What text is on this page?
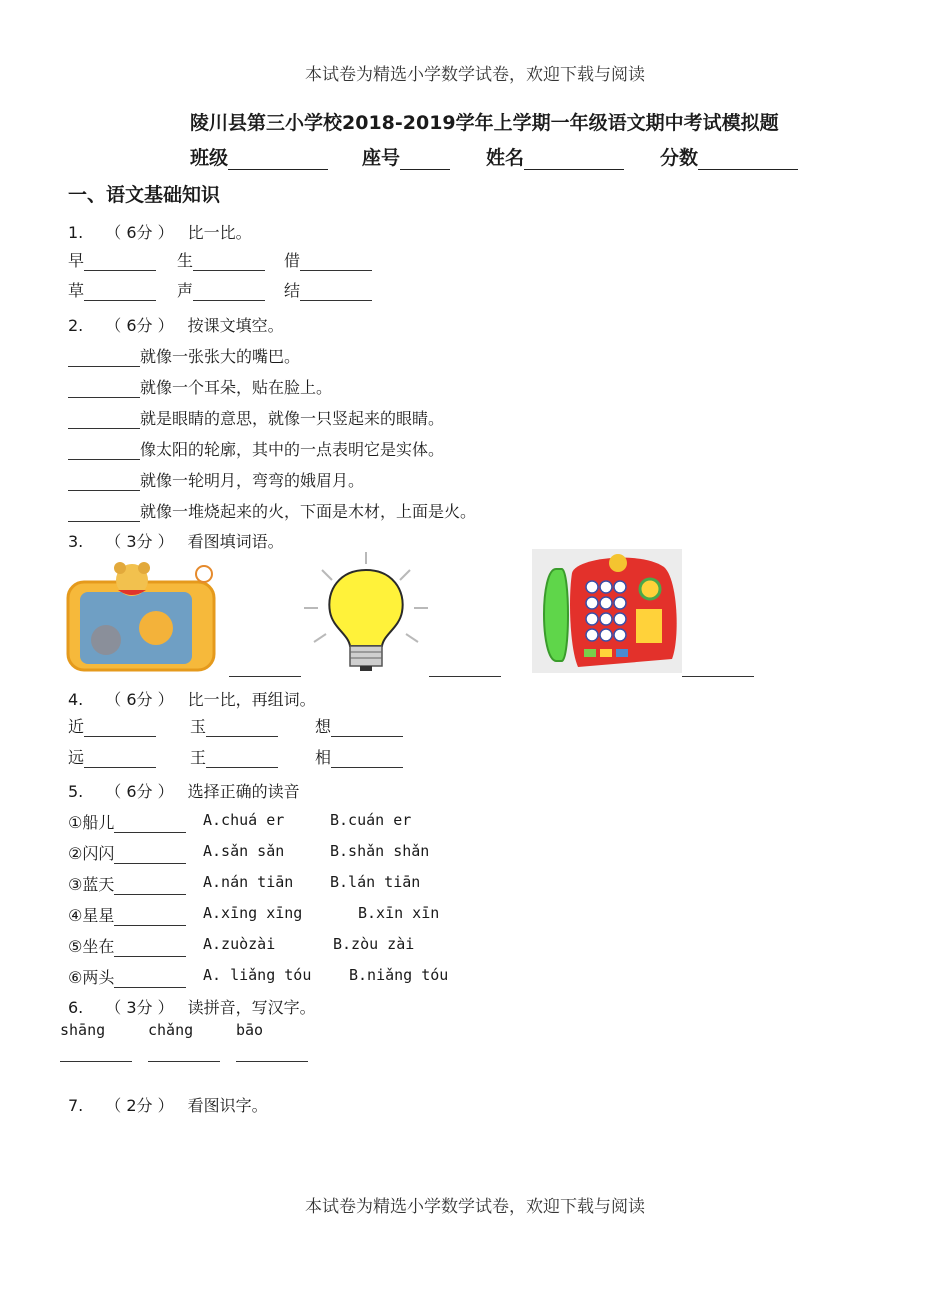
本试卷为精选小学数学试卷，欢迎下载与阅读
陵川县第三小学校2018-2019学年上学期一年级语文期中考试模拟题
班级	座号	姓名	分数
一、语文基础知识
1. （ 6分 ） 比一比。
早	生	借
草	声	结
2. （ 6分 ） 按课文填空。
就像一张张大的嘴巴。
就像一个耳朵，贴在脸上。
就是眼睛的意思，就像一只竖起来的眼睛。
像太阳的轮廓，其中的一点表明它是实体。
就像一轮明月，弯弯的娥眉月。
就像一堆烧起来的火，下面是木材，上面是火。
3. （ 3分 ） 看图填词语。
4. （ 6分 ） 比一比，再组词。
近	玉	想
远	王	相
5. （ 6分 ） 选择正确的读音
①船儿	A.chuá er	B.cuán er
②闪闪	A.sǎn sǎn	B.shǎn shǎn
③蓝天	A.nán tiān B.lán tiān
④星星	A.xīng xīng	B.xīn xīn
⑤坐在	A.zuòzài	B.zòu zài
⑥两头	A. liǎng tóu	B.niǎng tóu
6. （ 3分 ） 读拼音，写汉字。
shāng	chǎng	bāo
7. （ 2分 ） 看图识字。
本试卷为精选小学数学试卷，欢迎下载与阅读
